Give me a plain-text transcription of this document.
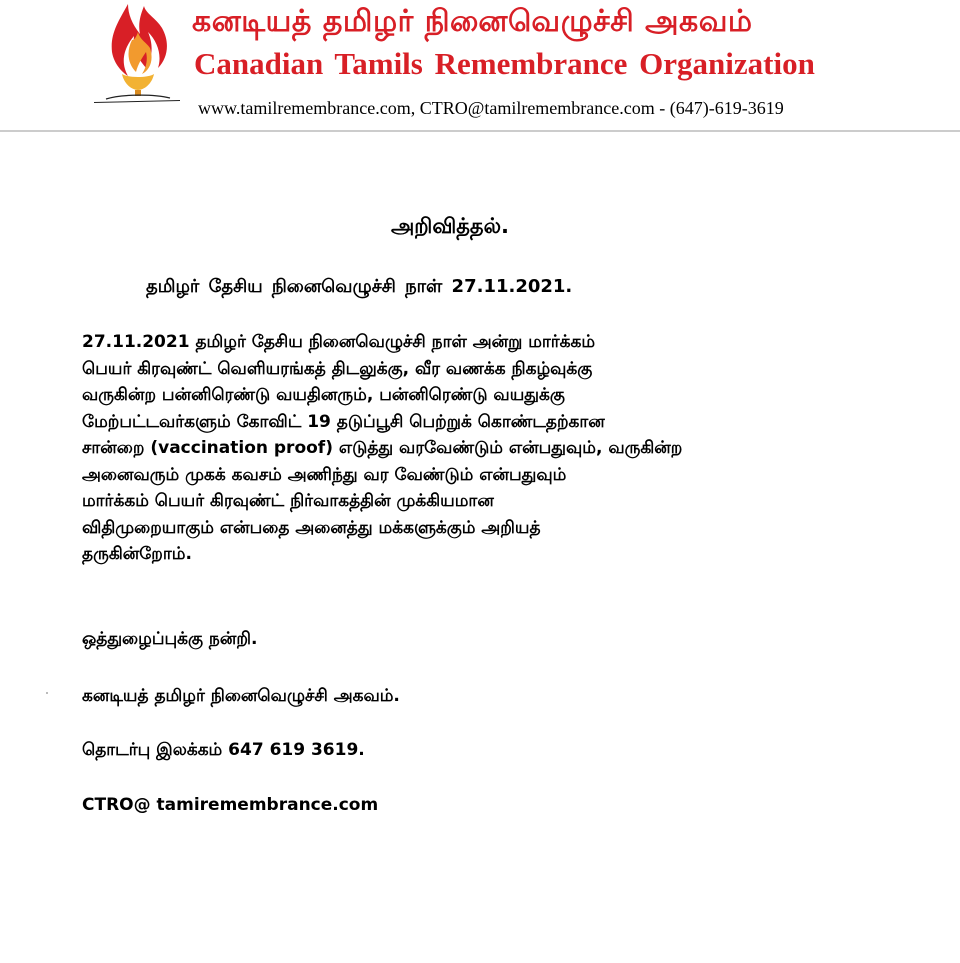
கனடியத் தமிழர் நினைவெழுச்சி அகவம்
Canadian Tamils Remembrance Organization
www.tamilremembrance.com, CTRO@tamilremembrance.com - (647)-619-3619
அறிவித்தல்.
தமிழர் தேசிய நினைவெழுச்சி நாள் 27.11.2021.
27.11.2021 தமிழர் தேசிய நினைவெழுச்சி நாள் அன்று மார்க்கம்
பெயர் கிரவுண்ட் வெளியரங்கத் திடலுக்கு, வீர வணக்க நிகழ்வுக்கு
வருகின்ற பன்னிரெண்டு வயதினரும், பன்னிரெண்டு வயதுக்கு
மேற்பட்டவர்களும் கோவிட் 19 தடுப்பூசி பெற்றுக் கொண்டதற்கான
சான்றை (vaccination proof) எடுத்து வரவேண்டும் என்பதுவும், வருகின்ற
அனைவரும் முகக் கவசம் அணிந்து வர வேண்டும் என்பதுவும்
மார்க்கம் பெயர் கிரவுண்ட் நிர்வாகத்தின் முக்கியமான
விதிமுறையாகும் என்பதை அனைத்து மக்களுக்கும் அறியத்
தருகின்றோம்.
ஒத்துழைப்புக்கு நன்றி.
கனடியத் தமிழர் நினைவெழுச்சி அகவம்.
தொடர்பு இலக்கம் 647 619 3619.
CTRO@ tamiremembrance.com
